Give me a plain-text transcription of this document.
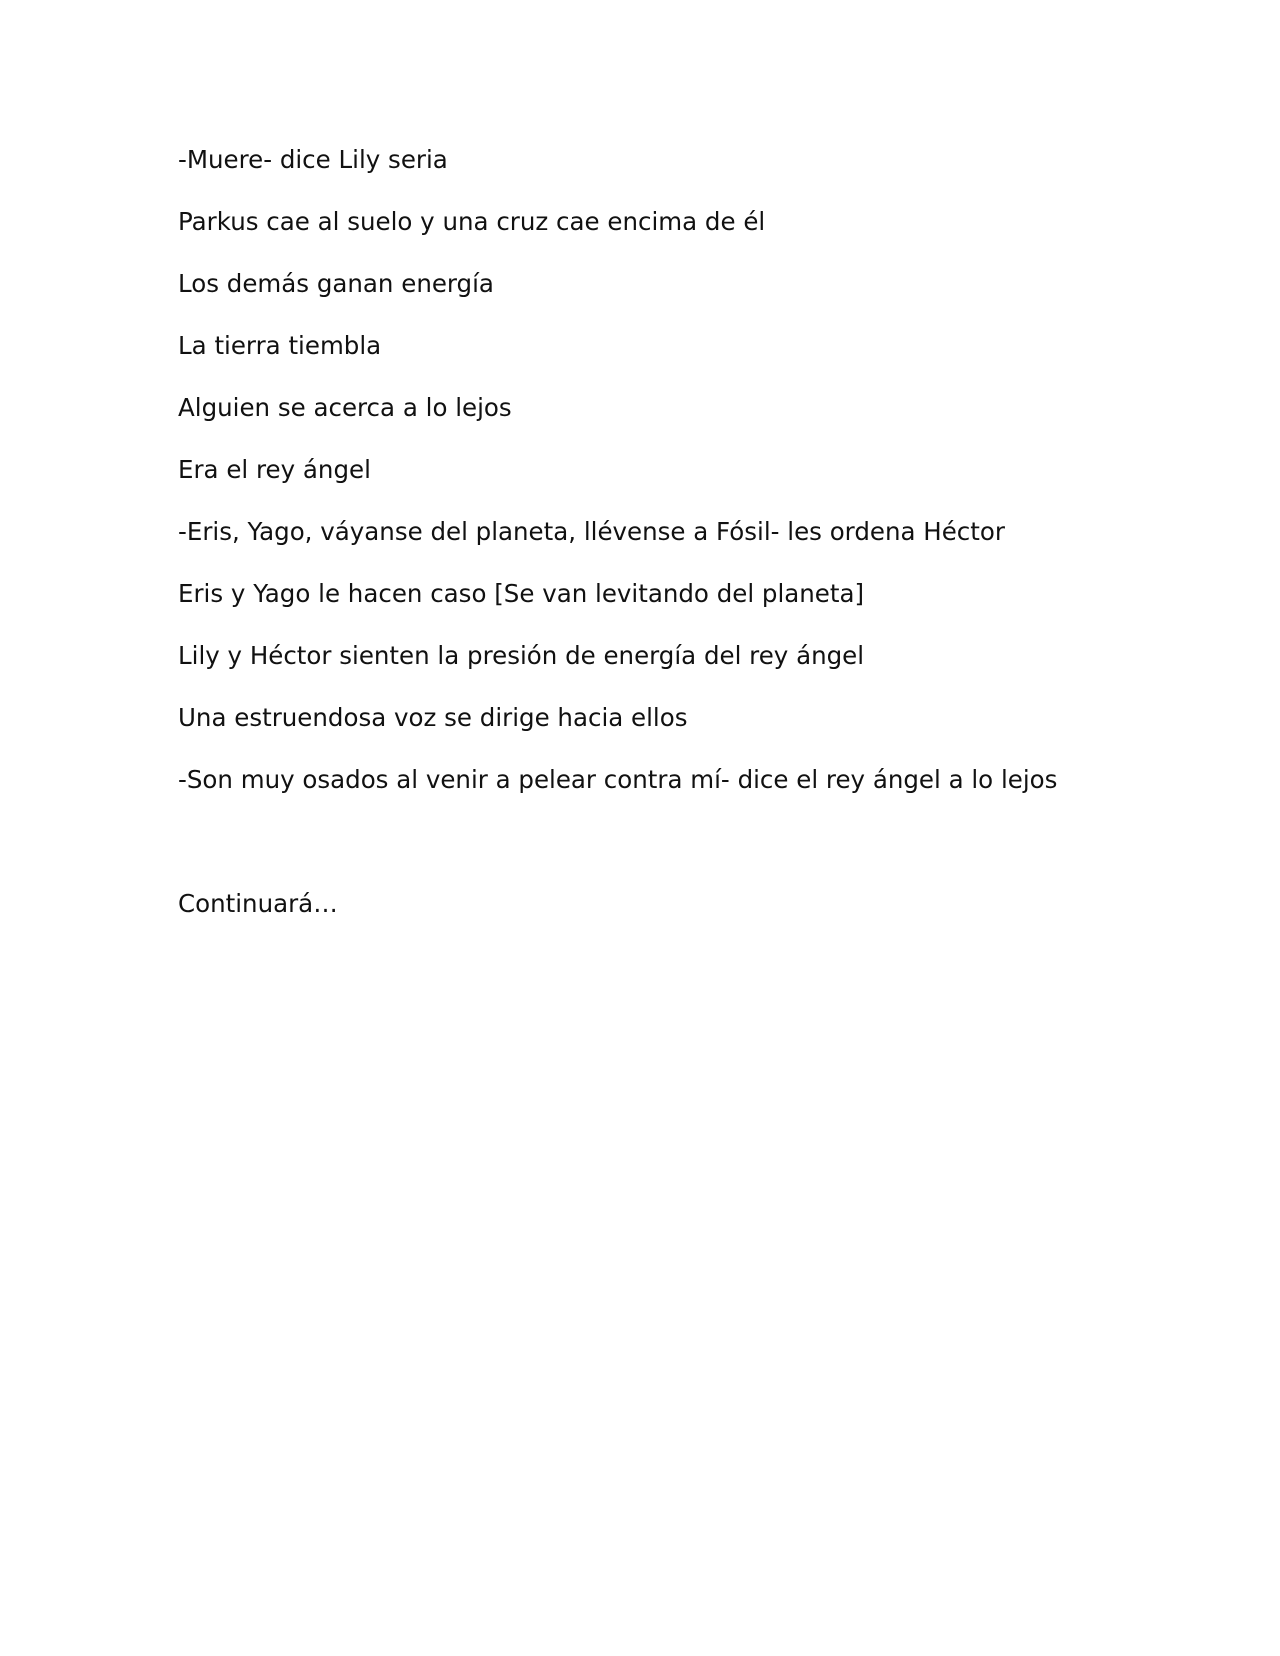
-Muere- dice Lily seria

Parkus cae al suelo y una cruz cae encima de él

Los demás ganan energía

La tierra tiembla

Alguien se acerca a lo lejos

Era el rey ángel

-Eris, Yago, váyanse del planeta, llévense a Fósil- les ordena Héctor

Eris y Yago le hacen caso [Se van levitando del planeta]

Lily y Héctor sienten la presión de energía del rey ángel

Una estruendosa voz se dirige hacia ellos

-Son muy osados al venir a pelear contra mí- dice el rey ángel a lo lejos

Continuará…
